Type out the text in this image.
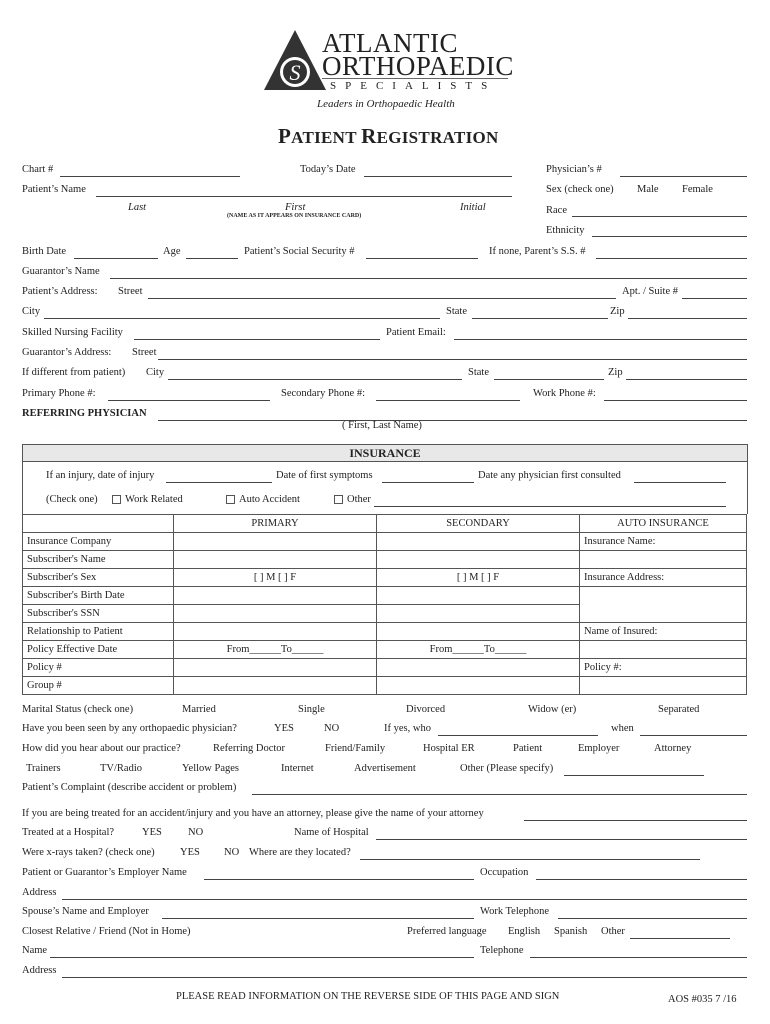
S
ATLANTIC
ORTHOPAEDIC
SPECIALISTS
Leaders in Orthopaedic Health
PATIENT REGISTRATION
Chart #	Today’s Date	Physician’s #
Patient’s Name	Sex (check one) Male Female
Last	First
(NAME AS IT APPEARS ON INSURANCE CARD)
Initial	Race
Ethnicity
Birth Date	Age	Patient’s Social Security #	If none, Parent’s S.S. #
Guarantor’s Name
Patient’s Address: Street	Apt. / Suite #
City	State	Zip
Skilled Nursing Facility	Patient Email:
Guarantor’s Address: Street
If different from patient) City	State	Zip
Primary Phone #:	Secondary Phone #:	Work Phone #:
REFERRING PHYSICIAN
( First, Last Name)
INSURANCE
If an injury, date of injury	Date of first symptoms	Date any physician first consulted
(Check one)	Work Related	Auto Accident	Other
	PRIMARY	SECONDARY	AUTO INSURANCE
Insurance Company			Insurance Name:
Subscriber's Name			
Subscriber's Sex	[ ] M [ ] F	[ ] M [ ] F	Insurance Address:
Subscriber's Birth Date			
Subscriber's SSN			
Relationship to Patient			Name of Insured:
Policy Effective Date	From______To______	From______To______	
Policy #			Policy #:
Group #			
Marital Status (check one)	Married	Single	Divorced	Widow (er)	Separated
Have you been seen by any orthopaedic physician?	YES	NO	If yes, who	when
How did you hear about our practice?	Referring Doctor	Friend/Family	Hospital ER	Patient	Employer	Attorney
Trainers	TV/Radio	Yellow Pages	Internet	Advertisement	Other (Please specify)
Patient’s Complaint (describe accident or problem)
If you are being treated for an accident/injury and you have an attorney, please give the name of your attorney
Treated at a Hospital?	YES NO	Name of Hospital
Were x-rays taken? (check one) YES NO Where are they located?
Patient or Guarantor’s Employer Name	Occupation
Address
Spouse’s Name and Employer	Work Telephone
Closest Relative / Friend (Not in Home)	Preferred language English Spanish Other
Name	Telephone
Address
PLEASE READ INFORMATION ON THE REVERSE SIDE OF THIS PAGE AND SIGN	AOS #035 7 /16
